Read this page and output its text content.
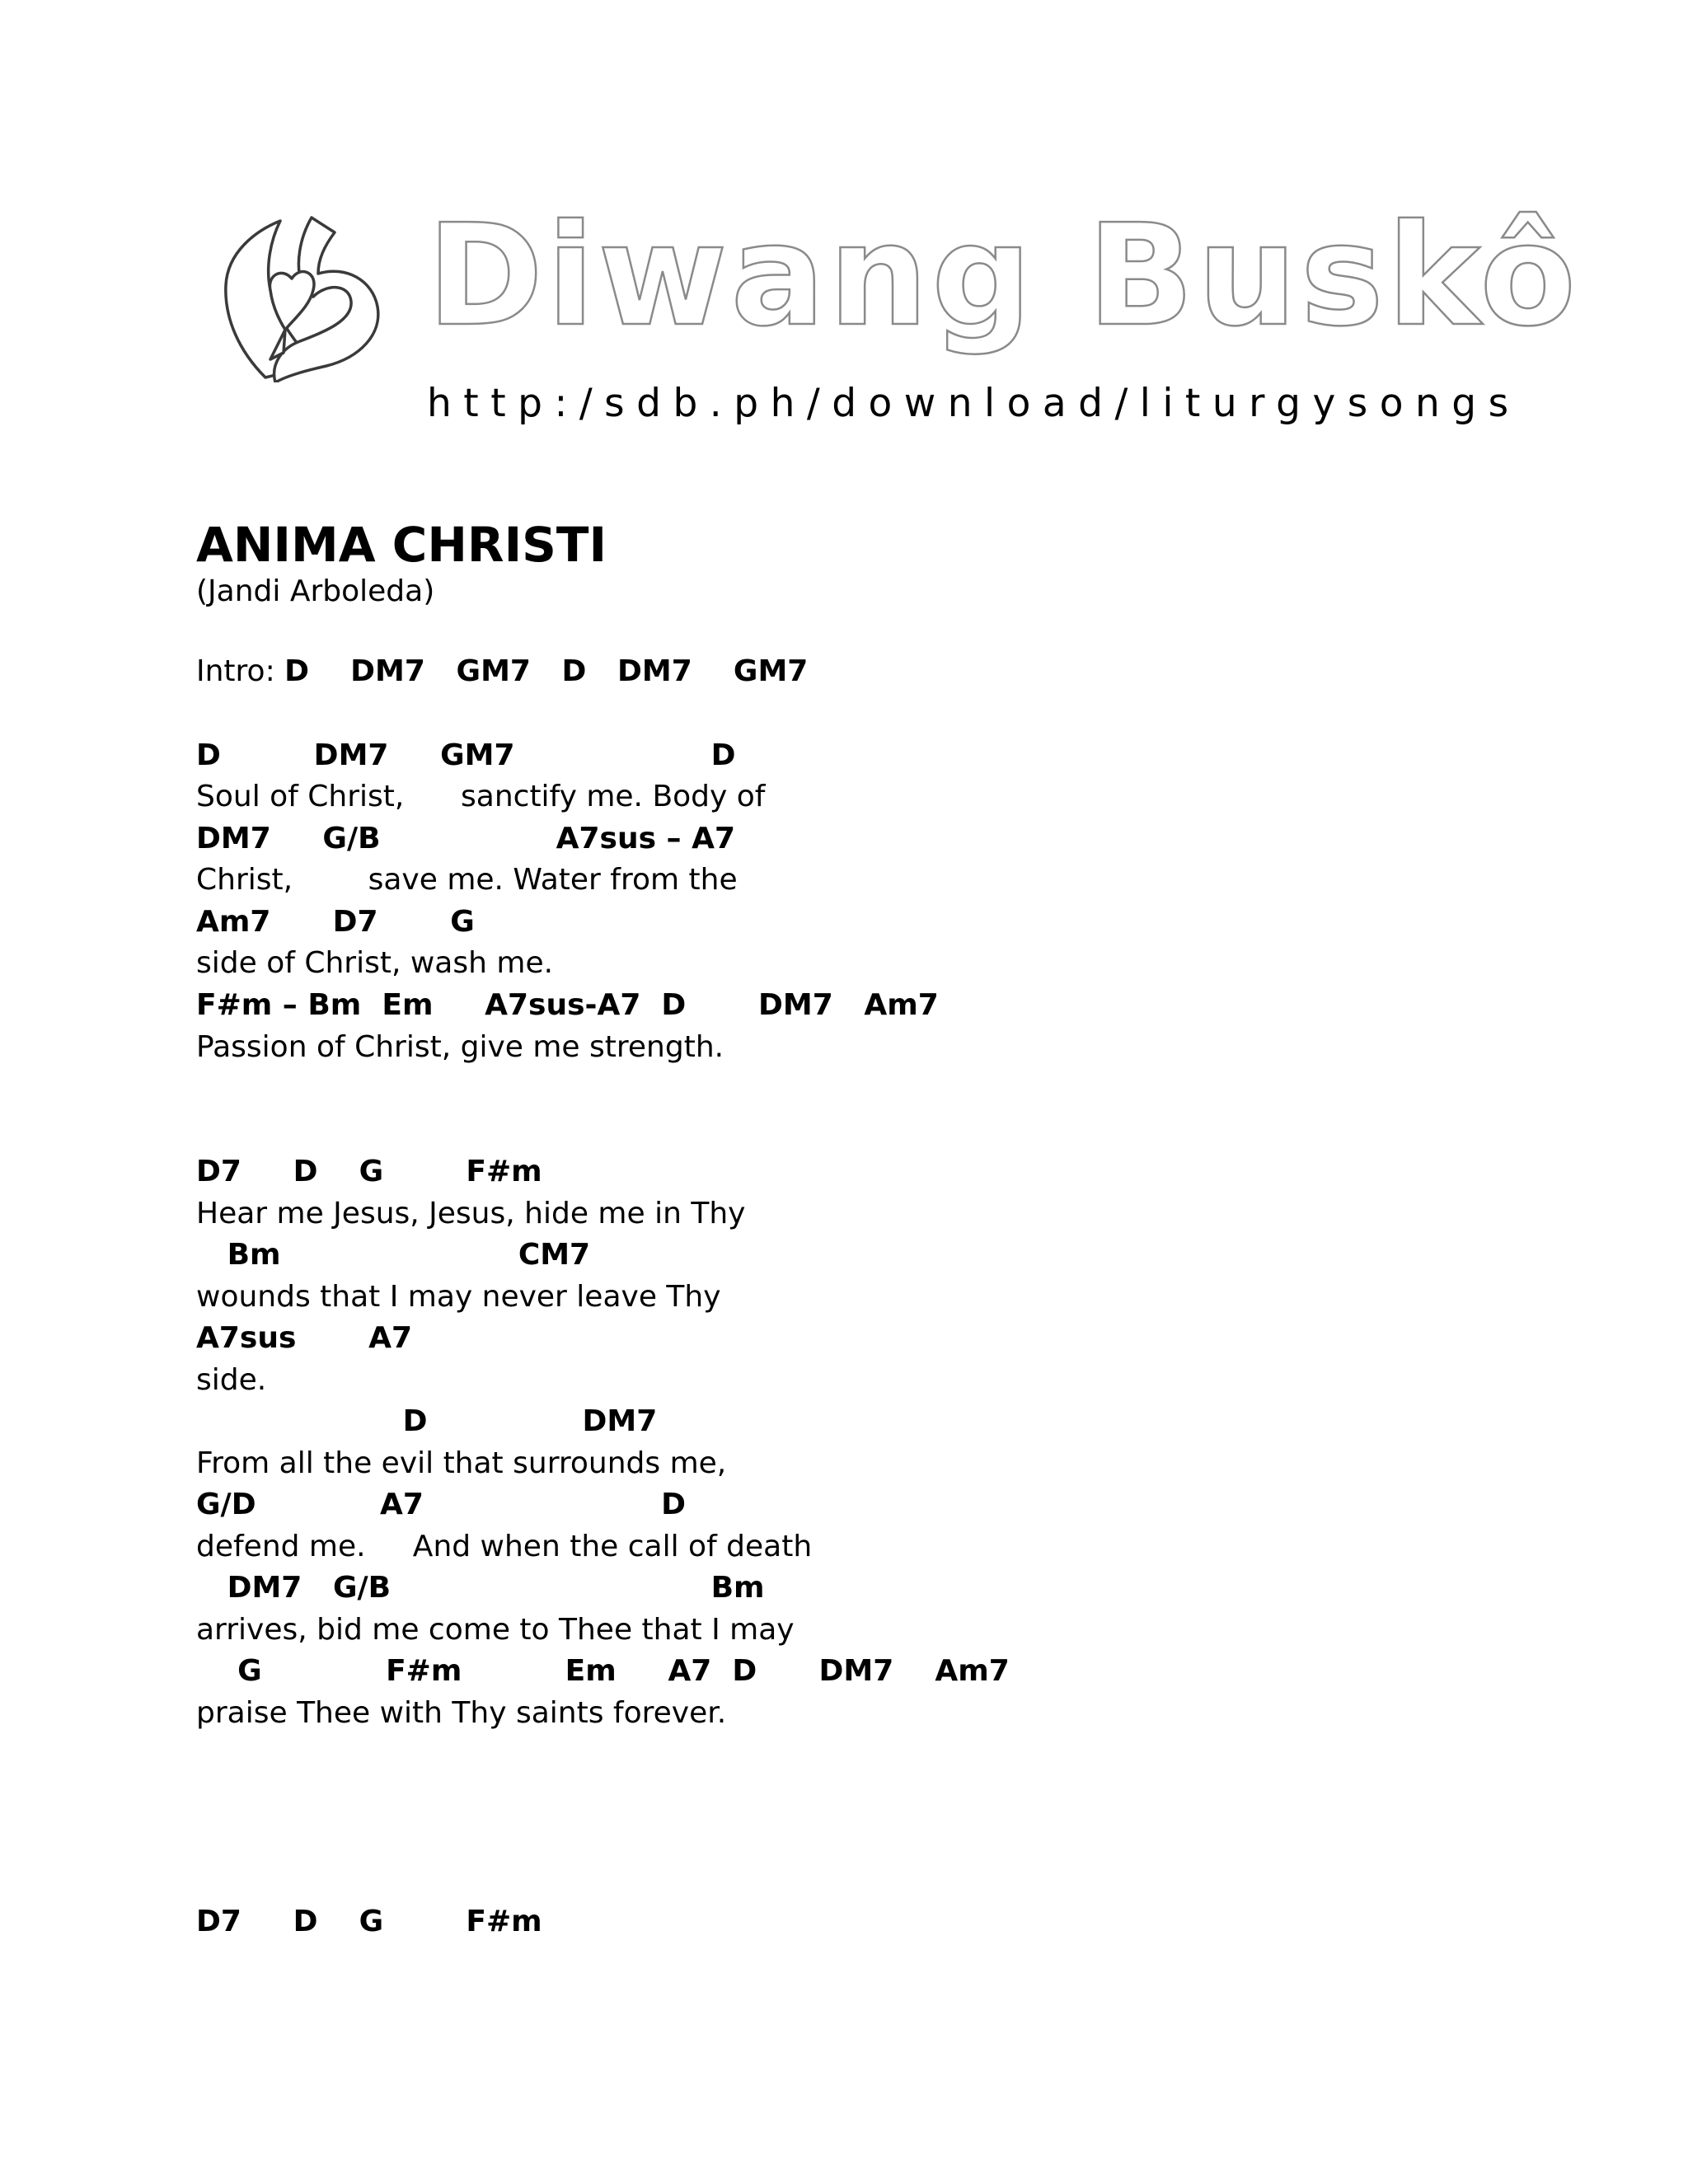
Diwang Buskô
http:/sdb.ph/download/liturgysongs
ANIMA CHRISTI
(Jandi Arboleda)
Intro: D    DM7   GM7   D   DM7    GM7
D         DM7     GM7                   D
Soul of Christ,      sanctify me. Body of
DM7     G/B                 A7sus – A7
Christ,        save me. Water from the
Am7      D7       G
side of Christ, wash me.
F#m – Bm  Em     A7sus-A7  D       DM7   Am7
Passion of Christ, give me strength.
D7     D    G        F#m
Hear me Jesus, Jesus, hide me in Thy
Bm                       CM7
wounds that I may never leave Thy
A7sus       A7
side.
D               DM7
From all the evil that surrounds me,
G/D            A7                       D
defend me.     And when the call of death
DM7   G/B                               Bm
arrives, bid me come to Thee that I may
G            F#m          Em     A7  D      DM7    Am7
praise Thee with Thy saints forever.
D7     D    G        F#m
